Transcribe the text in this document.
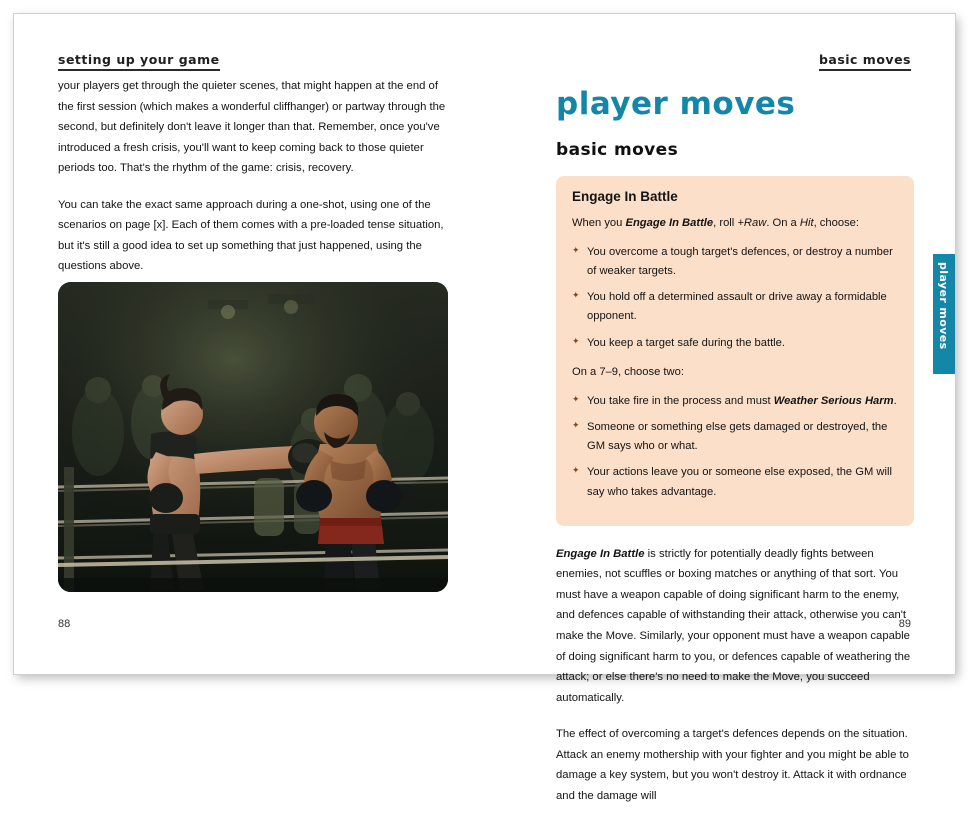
setting up your game	basic moves

your players get through the quieter scenes, that might happen at the end of the first session (which makes a wonderful cliffhanger) or partway through the second, but definitely don't leave it longer than that. Remember, once you've introduced a fresh crisis, you'll want to keep coming back to those quieter periods too. That's the rhythm of the game: crisis, recovery.

You can take the exact same approach during a one-shot, using one of the scenarios on page [x]. Each of them comes with a pre-loaded tense situation, but it's still a good idea to set up something that just happened, using the questions above.

player moves
basic moves
Engage In Battle

When you Engage In Battle, roll +Raw. On a Hit, choose:

✦ You overcome a tough target's defences, or destroy a number of weaker targets.
✦ You hold off a determined assault or drive away a formidable opponent.
✦ You keep a target safe during the battle.

On a 7–9, choose two:

✦ You take fire in the process and must Weather Serious Harm.
✦ Someone or something else gets damaged or destroyed, the GM says who or what.
✦ Your actions leave you or someone else exposed, the GM will say who takes advantage.

Engage In Battle is strictly for potentially deadly fights between enemies, not scuffles or boxing matches or anything of that sort. You must have a weapon capable of doing significant harm to the enemy, and defences capable of withstanding their attack, otherwise you can't make the Move. Similarly, your opponent must have a weapon capable of doing significant harm to you, or defences capable of weathering the attack; or else there's no need to make the Move, you succeed automatically.

The effect of overcoming a target's defences depends on the situation. Attack an enemy mothership with your fighter and you might be able to damage a key system, but you won't destroy it. Attack it with ordnance and the damage will

player moves
88	89
